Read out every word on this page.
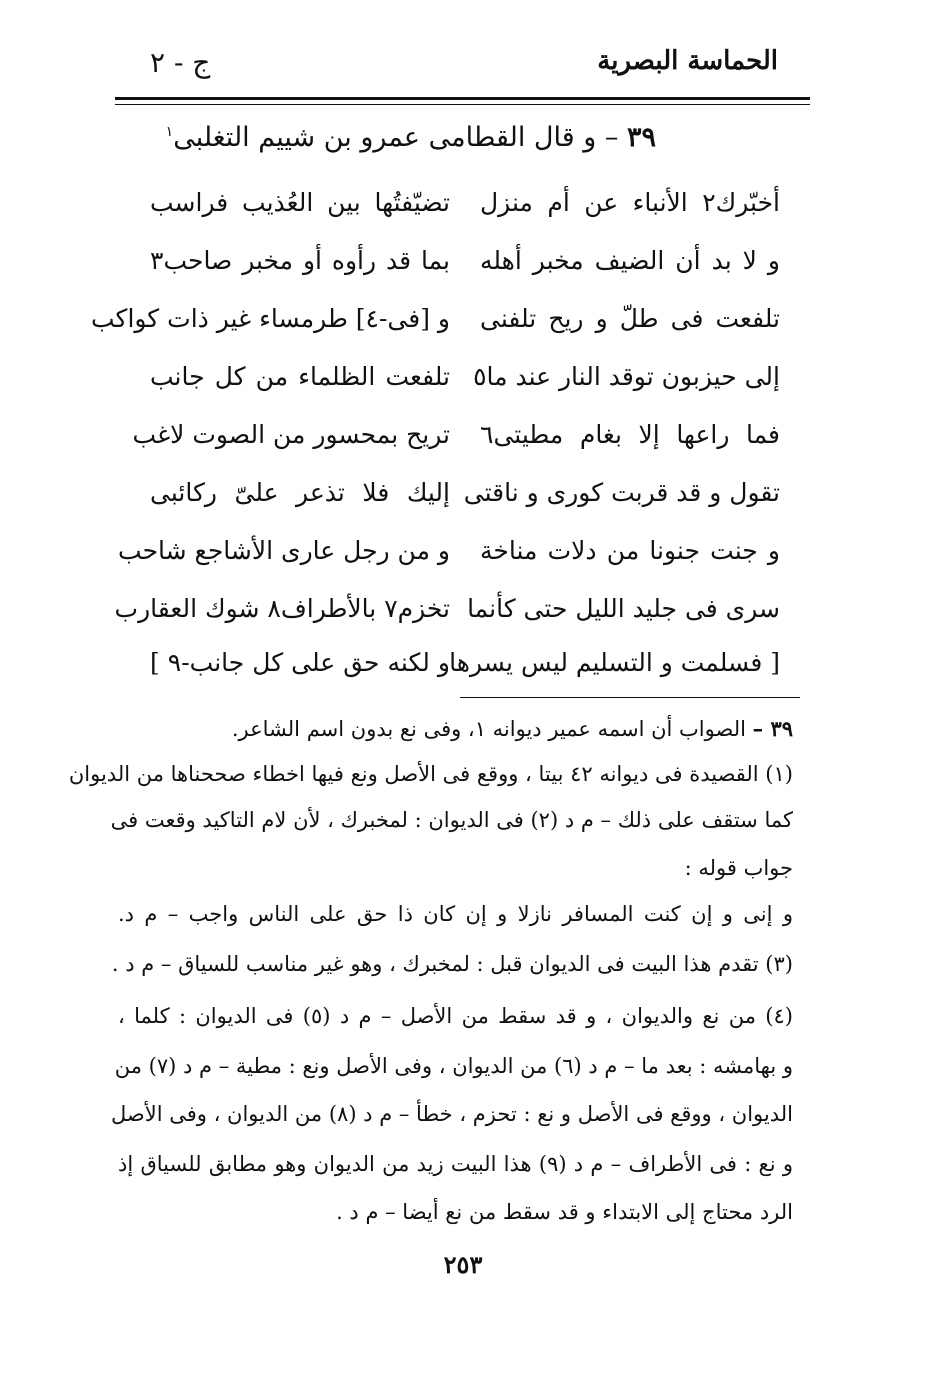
ج - ٢	الحماسة البصرية
٣٩ – و قال القطامى عمرو بن شييم التغلبى$^١$
أخبّرك٢ الأنباء عن أم منزل
تضيّفتُها بين العُذيب فراسب
و لا بد أن الضيف مخبر أهله
بما قد رأوه أو مخبر صاحب٣
تلفعت فى طلّ و ريح تلفنى
و [فى-٤] طرمساء غير ذات كواكب
إلى حيزبون توقد النار عند ما٥
تلفعت الظلماء من كل جانب
فما راعها إلا بغام مطيتى٦
تريح بمحسور من الصوت لاغب
تقول و قد قربت كورى و ناقتى
إليك فلا تذعر علىّ ركائبى
و جنت جنونا من دلات مناخة
و من رجل عارى الأشاجع شاحب
سرى فى جليد الليل حتى كأنما
تخزم٧ بالأطراف٨ شوك العقارب
[ فسلمت و التسليم ليس يسرها
و لكنه حق على كل جانب-٩ ]
٣٩ – الصواب أن اسمه عمير ديوانه ١، وفى نع بدون اسم الشاعر.
(١) القصيدة فى ديوانه ٤٢ بيتا ، ووقع فى الأصل ونع فيها اخطاء صححناها من الديوان
كما ستقف على ذلك – م د (٢) فى الديوان : لمخبرك ، لأن لام التاكيد وقعت فى
جواب قوله :
و إنى و إن كنت المسافر نازلا و إن كان ذا حق على الناس واجب – م د.
(٣) تقدم هذا البيت فى الديوان قبل : لمخبرك ، وهو غير مناسب للسياق – م د .
(٤) من نع والديوان ، و قد سقط من الأصل – م د (٥) فى الديوان : كلما ،
و بهامشه : بعد ما – م د (٦) من الديوان ، وفى الأصل ونع : مطية – م د (٧) من
الديوان ، ووقع فى الأصل و نع : تحزم ، خطأ – م د (٨) من الديوان ، وفى الأصل
و نع : فى الأطراف – م د (٩) هذا البيت زيد من الديوان وهو مطابق للسياق إذ
الرد محتاج إلى الابتداء و قد سقط من نع أيضا – م د .
٢٥٣
